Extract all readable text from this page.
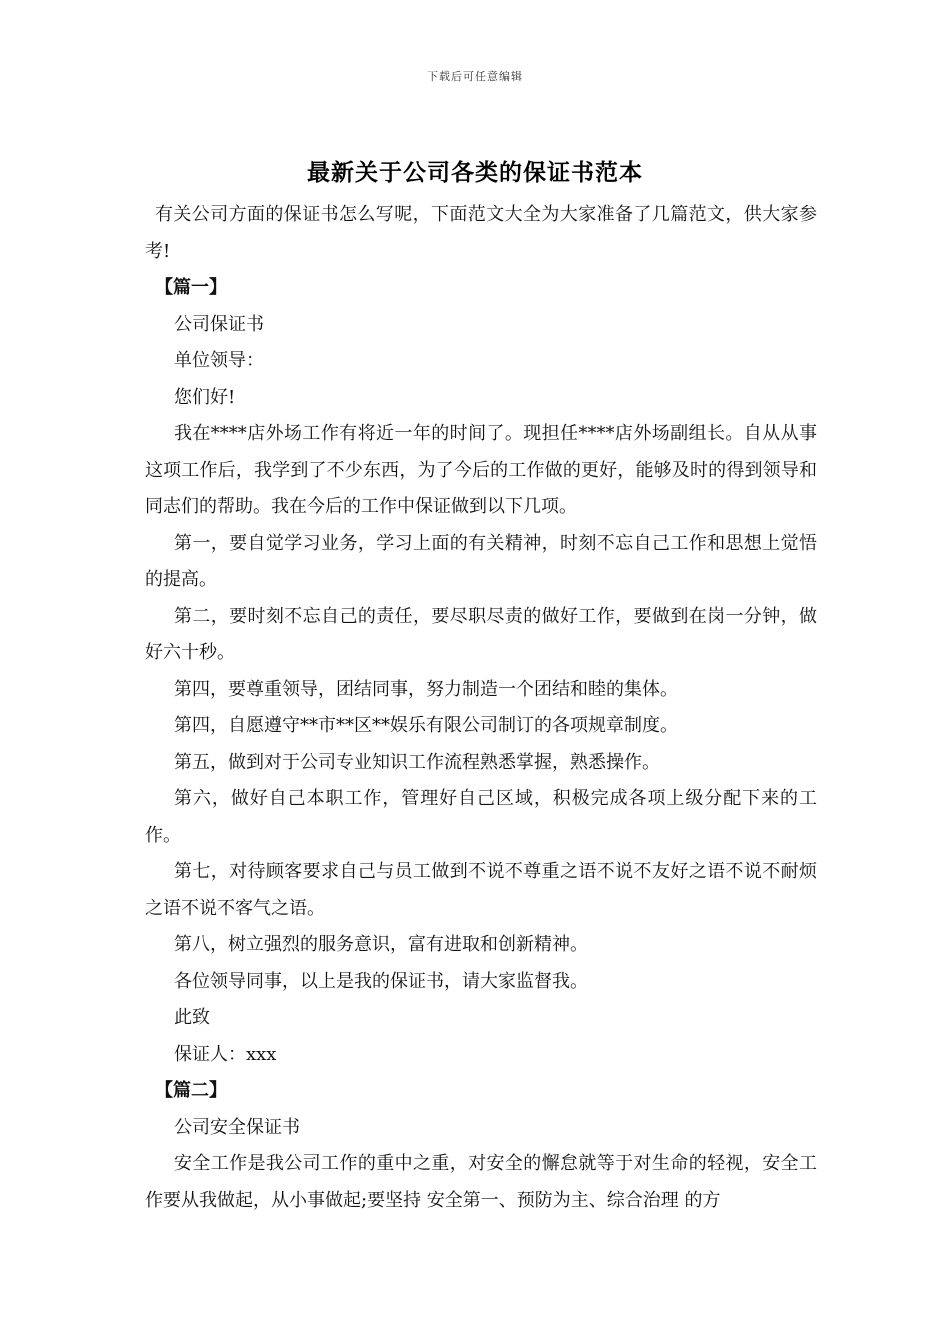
下载后可任意编辑
最新关于公司各类的保证书范本

有关公司方面的保证书怎么写呢，下面范文大全为大家准备了几篇范文，供大家参考!

【篇一】

公司保证书

单位领导：

您们好!

我在****店外场工作有将近一年的时间了。现担任****店外场副组长。自从从事这项工作后，我学到了不少东西，为了今后的工作做的更好，能够及时的得到领导和同志们的帮助。我在今后的工作中保证做到以下几项。

第一，要自觉学习业务，学习上面的有关精神，时刻不忘自己工作和思想上觉悟的提高。

第二，要时刻不忘自己的责任，要尽职尽责的做好工作，要做到在岗一分钟，做好六十秒。

第四，要尊重领导，团结同事，努力制造一个团结和睦的集体。

第四，自愿遵守**市**区**娱乐有限公司制订的各项规章制度。

第五，做到对于公司专业知识工作流程熟悉掌握，熟悉操作。

第六，做好自己本职工作，管理好自己区域，积极完成各项上级分配下来的工作。

第七，对待顾客要求自己与员工做到不说不尊重之语不说不友好之语不说不耐烦之语不说不客气之语。

第八，树立强烈的服务意识，富有进取和创新精神。

各位领导同事，以上是我的保证书，请大家监督我。

此致

保证人：xxx

【篇二】

公司安全保证书

安全工作是我公司工作的重中之重，对安全的懈怠就等于对生命的轻视，安全工作要从我做起，从小事做起;要坚持 安全第一、预防为主、综合治理 的方
